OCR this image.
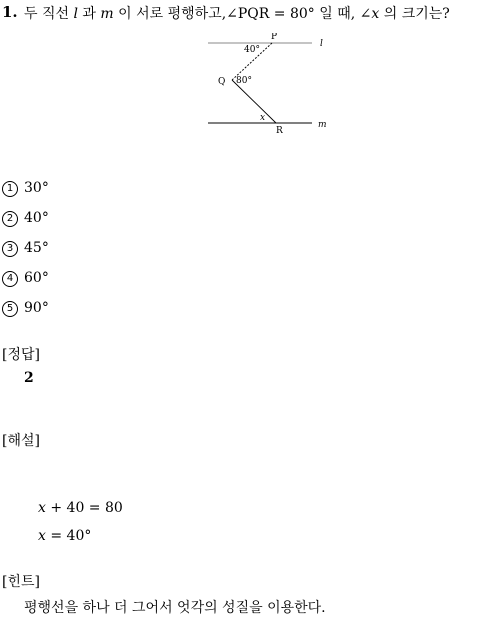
1. 두 직선 l 과 m 이 서로 평행하고,∠PQR = 80° 일 때, ∠x 의 크기는?
P
Q
R
l
m
40°
80°
x
1 30°
2 40°
3 45°
4 60°
5 90°
[정답]
2
[해설]
x + 40 = 80
x = 40°
[힌트]
평행선을 하나 더 그어서 엇각의 성질을 이용한다.
